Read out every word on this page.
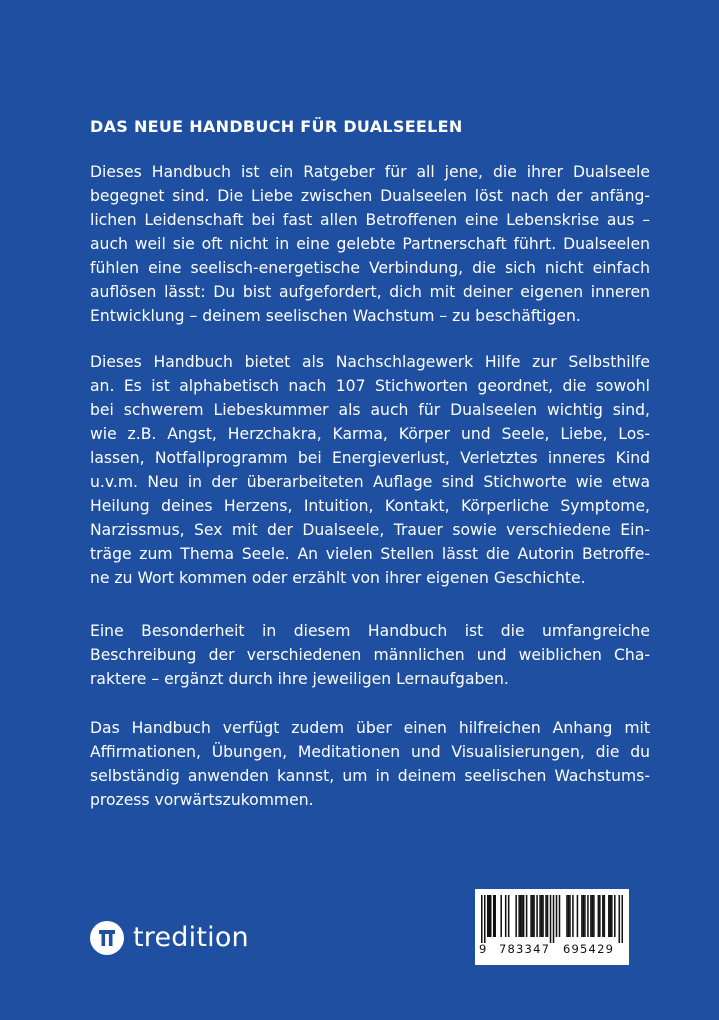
DAS NEUE HANDBUCH FÜR DUALSEELEN
Dieses Handbuch ist ein Ratgeber für all jene, die ihrer Dualseele
begegnet sind. Die Liebe zwischen Dualseelen löst nach der anfäng-
lichen Leidenschaft bei fast allen Betroffenen eine Lebenskrise aus –
auch weil sie oft nicht in eine gelebte Partnerschaft führt. Dualseelen
fühlen eine seelisch-energetische Verbindung, die sich nicht einfach
auflösen lässt: Du bist aufgefordert, dich mit deiner eigenen inneren
Entwicklung – deinem seelischen Wachstum – zu beschäftigen.
Dieses Handbuch bietet als Nachschlagewerk Hilfe zur Selbsthilfe
an. Es ist alphabetisch nach 107 Stichworten geordnet, die sowohl
bei schwerem Liebeskummer als auch für Dualseelen wichtig sind,
wie z.B. Angst, Herzchakra, Karma, Körper und Seele, Liebe, Los-
lassen, Notfallprogramm bei Energieverlust, Verletztes inneres Kind
u.v.m. Neu in der überarbeiteten Auflage sind Stichworte wie etwa
Heilung deines Herzens, Intuition, Kontakt, Körperliche Symptome,
Narzissmus, Sex mit der Dualseele, Trauer sowie verschiedene Ein-
träge zum Thema Seele. An vielen Stellen lässt die Autorin Betroffe-
ne zu Wort kommen oder erzählt von ihrer eigenen Geschichte.
Eine Besonderheit in diesem Handbuch ist die umfangreiche
Beschreibung der verschiedenen männlichen und weiblichen Cha-
raktere – ergänzt durch ihre jeweiligen Lernaufgaben.
Das Handbuch verfügt zudem über einen hilfreichen Anhang mit
Affirmationen, Übungen, Meditationen und Visualisierungen, die du
selbständig anwenden kannst, um in deinem seelischen Wachstums-
prozess vorwärtszukommen.
tredition	9 783347 695429
